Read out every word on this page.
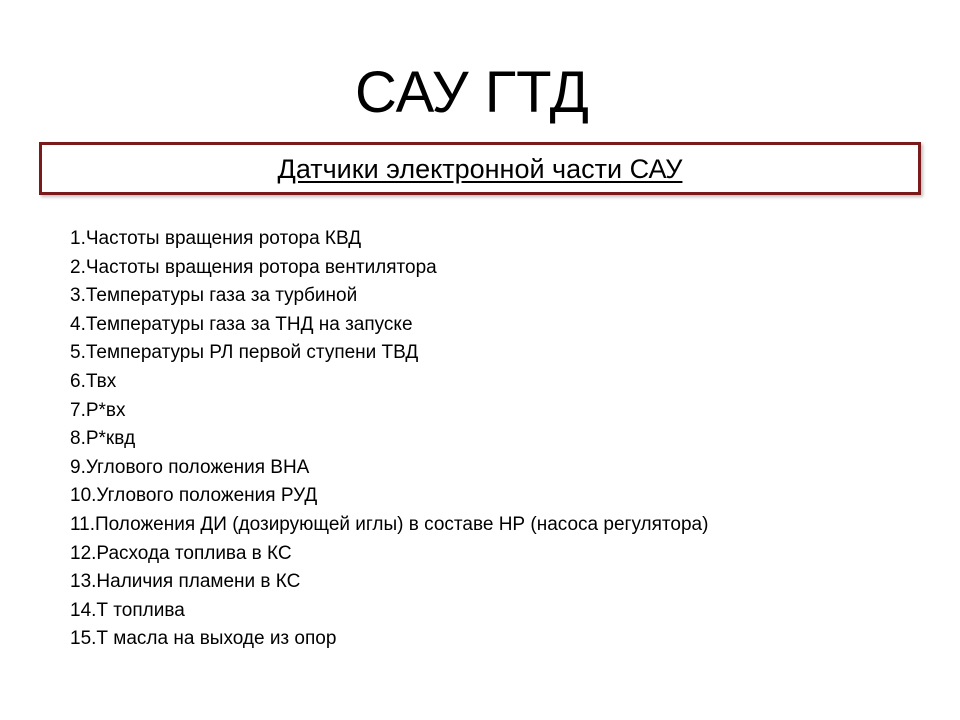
САУ ГТД
Датчики электронной части САУ
1.Частоты вращения ротора КВД
2.Частоты вращения ротора вентилятора
3.Температуры газа за турбиной
4.Температуры газа за ТНД на запуске
5.Температуры РЛ первой ступени ТВД
6.Твх
7.Р*вх
8.Р*квд
9.Углового положения ВНА
10.Углового положения РУД
11.Положения ДИ (дозирующей иглы) в составе НР (насоса регулятора)
12.Расхода топлива в КС
13.Наличия пламени в КС
14.Т топлива
15.Т масла на выходе из опор
